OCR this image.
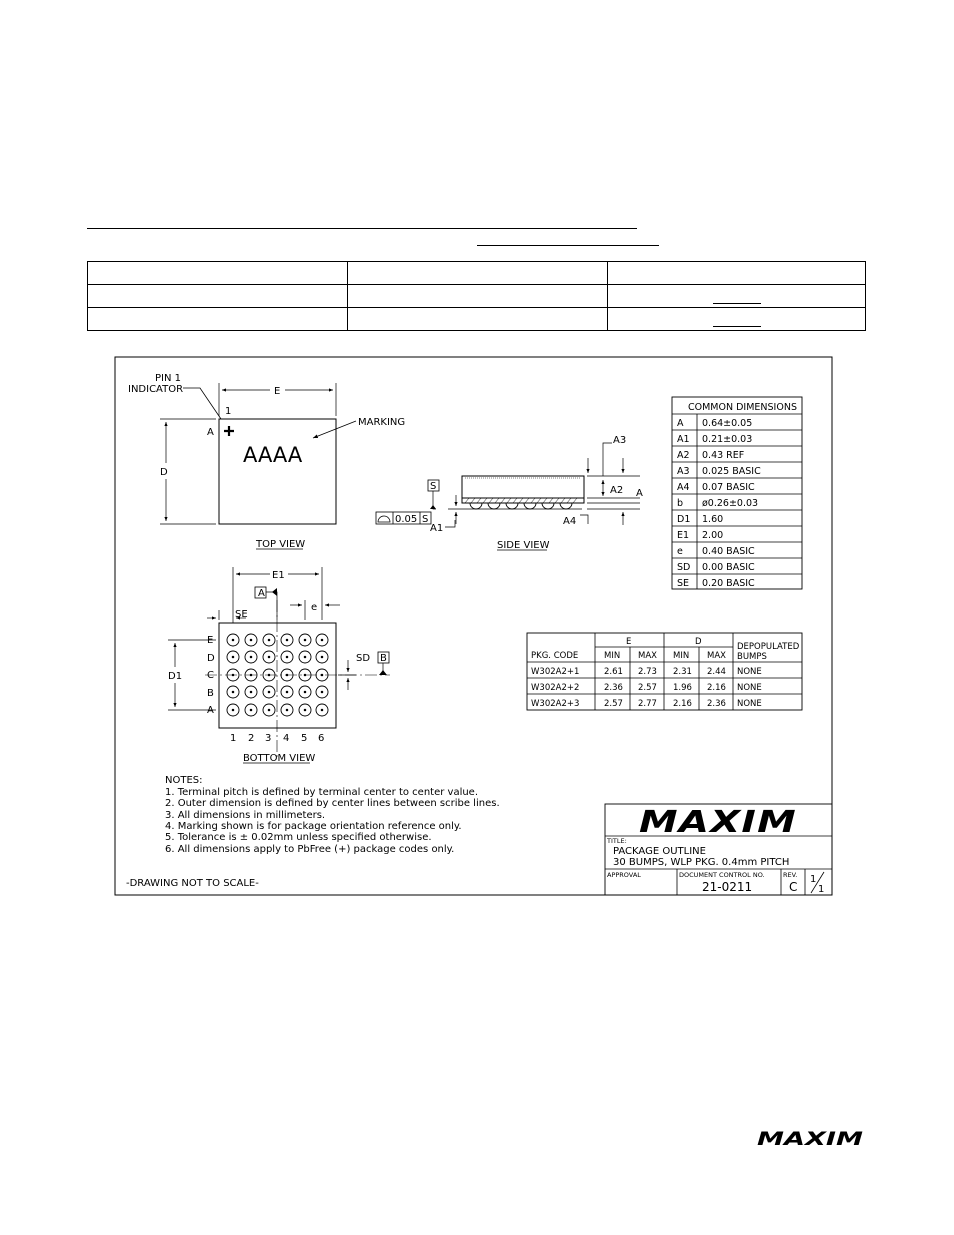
PIN 1
INDICATOR	E
1
A
AAAA
MARKING
D
TOP VIEW
A3
A2 A
A4
A1
S
0.05 S
SIDE VIEW
E1
A
SE
e
D1
SD B
E
D
C
B
A
1 2 3 4 5 6
BOTTOM VIEW
COMMON DIMENSIONS
A 0.64±0.05
A1 0.21±0.03
A2 0.43 REF
A3 0.025 BASIC
A4 0.07 BASIC
b ø0.26±0.03
D1 1.60
E1 2.00
e 0.40 BASIC
SD 0.00 BASIC
SE 0.20 BASIC
PKG. CODE
E	D	DEPOPULATED
BUMPS
MIN MAX MIN MAX
W302A2+1	2.61 2.73 2.31 2.44 NONE
W302A2+2	2.36 2.57 1.96 2.16 NONE
W302A2+3	2.57 2.77 2.16 2.36 NONE
NOTES:
1. Terminal pitch is defined by terminal center to center value.
2. Outer dimension is defined by center lines between scribe lines.
3. All dimensions in millimeters.
4. Marking shown is for package orientation reference only.
5. Tolerance is ± 0.02mm unless specified otherwise.
6. All dimensions apply to PbFree (+) package codes only.
-DRAWING NOT TO SCALE-
MAXIM
TITLE:
PACKAGE OUTLINE
30 BUMPS, WLP PKG. 0.4mm PITCH
APPROVAL	DOCUMENT CONTROL NO.
21-0211
REV.
C
1
1
MAXIM
